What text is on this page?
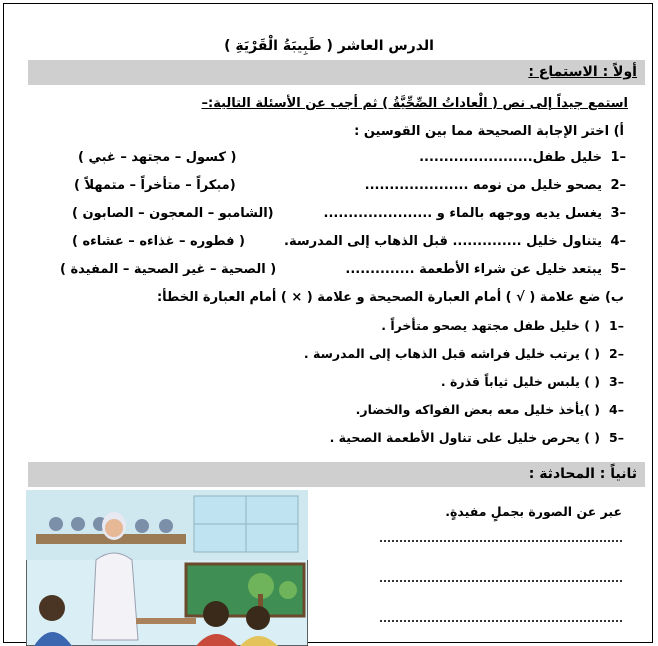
الدرس العاشر ( طَبِيبَةُ الْقَرْيَةِ )
أولاً : الاستماع :
استمع جيداً إلى نص ( الْعاداتُ الصِّحِّيَّةُ ) ثم أجب عن الأسئلة التالية:–
أ) اختر الإجابة الصحيحة مما بين القوسين :
1–
خليل طفل.......................
( كسول – مجتهد – غبي )
2–
يصحو خليل من نومه .....................
(مبكراً – متأخراً – متمهلاً )
3–
يغسل يديه ووجهه بالماء و ......................
(الشامبو – المعجون – الصابون )
4–
يتناول خليل .............. قبل الذهاب إلى المدرسة.
( فطوره – غذاءه – عشاءه )
5–
يبتعد خليل عن شراء الأطعمة ..............
( الصحية – غير الصحية – المفيدة )
ب) ضع علامة ( √ ) أمام العبارة الصحيحة و علامة ( × ) أمام العبارة الخطأ:
1–
( ) خليل طفل مجتهد يصحو متأخراً .
2–
( ) يرتب خليل فراشه قبل الذهاب إلى المدرسة .
3–
( ) يلبس خليل ثياباً قذرة .
4–
( )يأخذ خليل معه بعض الفواكه والخضار.
5–
( ) يحرص خليل على تناول الأطعمة الصحية .
ثانياً : المحادثة :
عبر عن الصورة بجملٍ مفيدةٍ.
